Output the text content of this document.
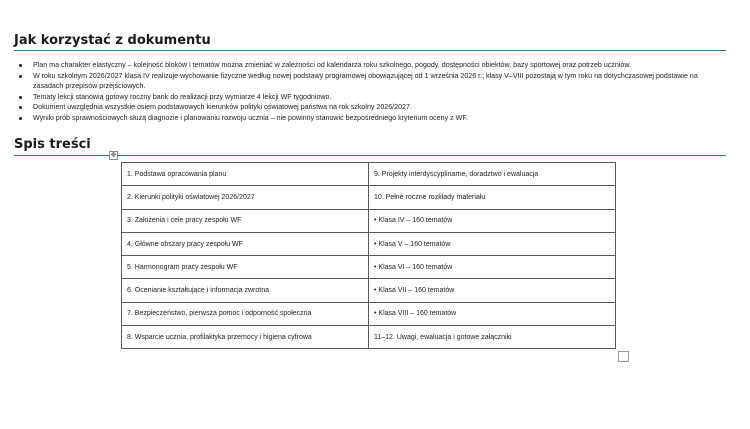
Jak korzystać z dokumentu
Plan ma charakter elastyczny – kolejność bloków i tematów można zmieniać w zależności od kalendarza roku szkolnego, pogody, dostępności obiektów, bazy sportowej oraz potrzeb uczniów.
W roku szkolnym 2026/2027 klasa IV realizuje wychowanie fizyczne według nowej podstawy programowej obowiązującej od 1 września 2026 r.; klasy V–VIII pozostają w tym roku na dotychczasowej podstawie na zasadach przepisów przejściowych.
Tematy lekcji stanowią gotowy roczny bank do realizacji przy wymiarze 4 lekcji WF tygodniowo.
Dokument uwzględnia wszystkie osiem podstawowych kierunków polityki oświatowej państwa na rok szkolny 2026/2027.
Wyniki prób sprawnościowych służą diagnozie i planowaniu rozwoju ucznia – nie powinny stanowić bezpośredniego kryterium oceny z WF.
Spis treści
✥
1. Podstawa opracowania planu	9. Projekty interdyscyplinarne, doradztwo i ewaluacja
2. Kierunki polityki oświatowej 2026/2027	10. Pełne roczne rozkłady materiału
3. Założenia i cele pracy zespołu WF	• Klasa IV – 160 tematów
4. Główne obszary pracy zespołu WF	• Klasa V – 160 tematów
5. Harmonogram pracy zespołu WF	• Klasa VI – 160 tematów
6. Ocenianie kształtujące i informacja zwrotna	• Klasa VII – 160 tematów
7. Bezpieczeństwo, pierwsza pomoc i odporność społeczna	• Klasa VIII – 160 tematów
8. Wsparcie ucznia, profilaktyka przemocy i higiena cyfrowa	11–12. Uwagi, ewaluacja i gotowe załączniki
